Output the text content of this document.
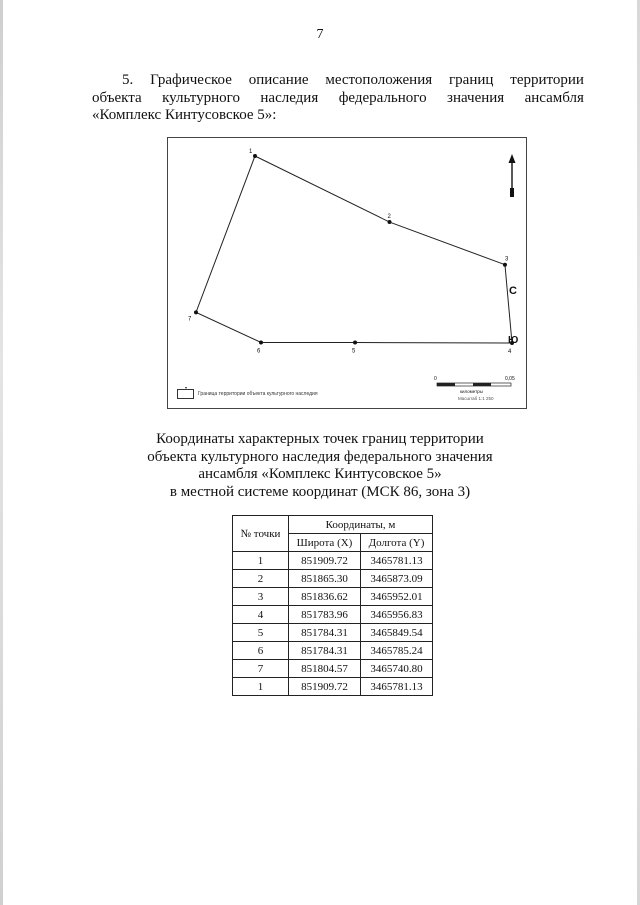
7
5. Графическое описание местоположения границ территории
объекта культурного наследия федерального значения ансамбля
«Комплекс Кинтусовское 5»:
1
2
3
4
5
6
7
С
Ю
0	0,05
километры
Масштаб 1:1 250
Граница территории объекта культурного наследия
Координаты характерных точек границ территории
объекта культурного наследия федерального значения
ансамбля «Комплекс Кинтусовское 5»
в местной системе координат (МСК 86, зона 3)
№ точки	Координаты, м	
	Широта (X)	Долгота (Y)
1	851909.72	3465781.13
2	851865.30	3465873.09
3	851836.62	3465952.01
4	851783.96	3465956.83
5	851784.31	3465849.54
6	851784.31	3465785.24
7	851804.57	3465740.80
1	851909.72	3465781.13
